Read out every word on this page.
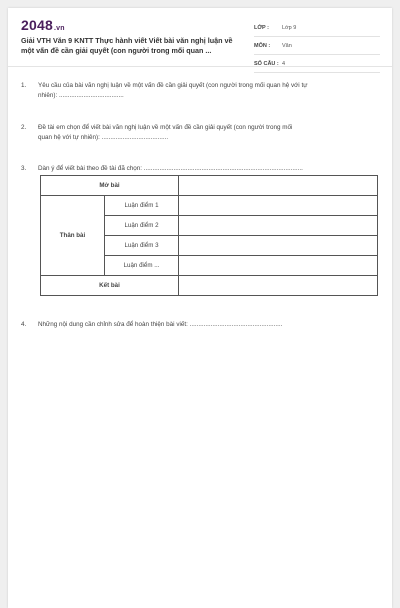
2048.vn
Giải VTH Văn 9 KNTT Thực hành viết Viết bài văn nghị luận về một vấn đề cần giải quyết (con người trong mối quan ...
LỚP :	Lớp 9
MÔN :	Văn
SỐ CÂU : 4
1. Yêu cầu của bài văn nghị luận về một vấn đề cần giải quyết (con người trong mối quan hệ với tự
nhiên): .....................................
2. Đề tài em chọn để viết bài văn nghị luận về một vấn đề cần giải quyết (con người trong mối
quan hệ với tự nhiên): ......................................
3. Dàn ý để viết bài theo đề tài đã chọn: ...........................................................................................
Mở bài		
Thân bài	Luận điểm 1	
	Luận điểm 2	
	Luận điểm 3	
	Luận điểm ...	
Kết bài		
4. Những nội dung cần chỉnh sửa để hoàn thiện bài viết: .....................................................
